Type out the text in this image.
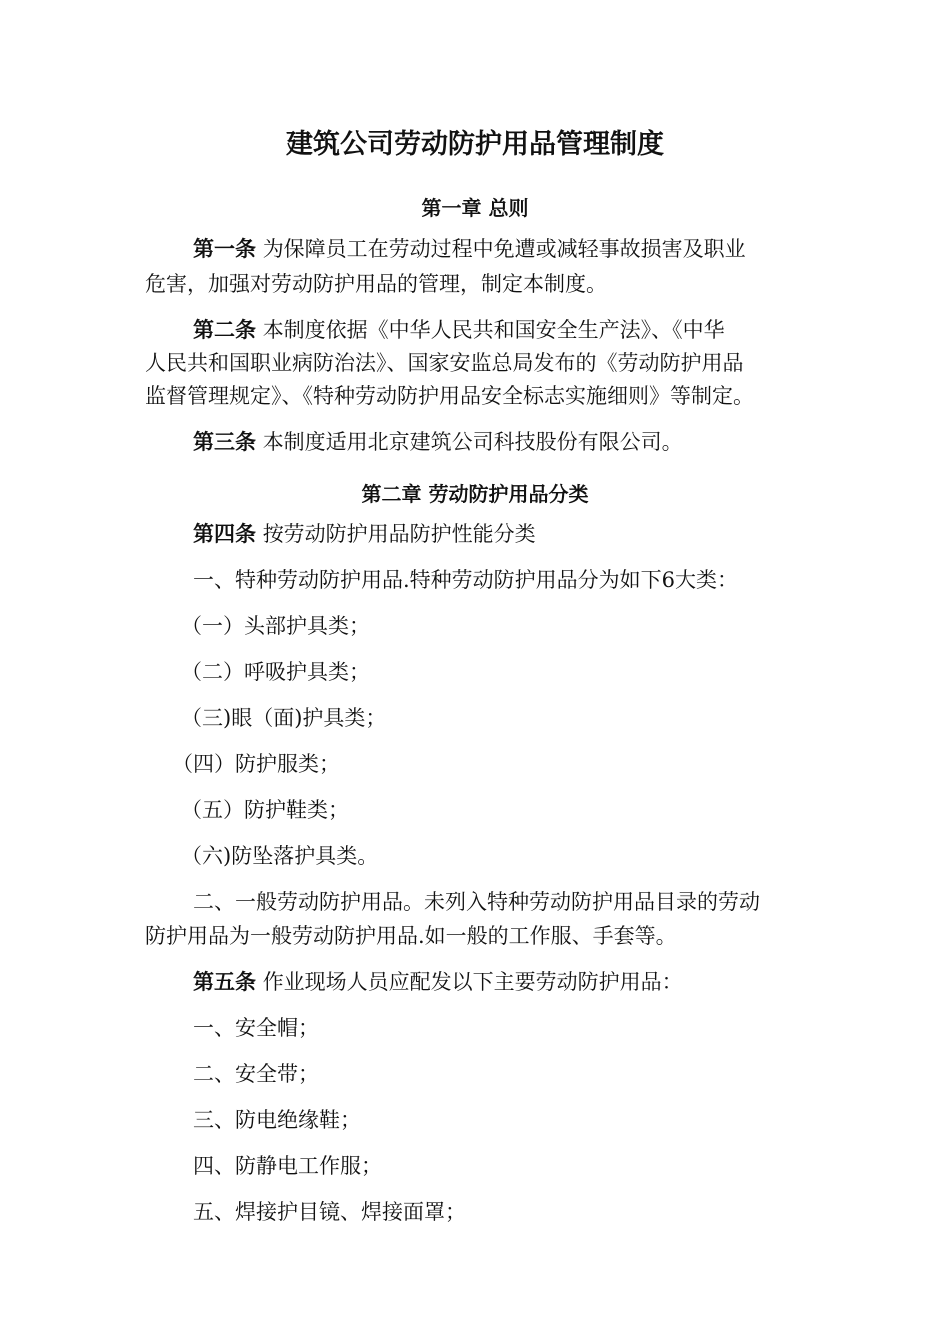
建筑公司劳动防护用品管理制度

第一章 总则

第一条 为保障员工在劳动过程中免遭或减轻事故损害及职业

危害，加强对劳动防护用品的管理，制定本制度。

第二条 本制度依据《中华人民共和国安全生产法》、《中华

人民共和国职业病防治法》、国家安监总局发布的《劳动防护用品

监督管理规定》、《特种劳动防护用品安全标志实施细则》等制定。

第三条 本制度适用北京建筑公司科技股份有限公司。

第二章 劳动防护用品分类

第四条 按劳动防护用品防护性能分类

一、特种劳动防护用品.特种劳动防护用品分为如下6大类：

（一）头部护具类；

（二）呼吸护具类；

（三)眼（面)护具类；

（四）防护服类；

（五）防护鞋类；

（六)防坠落护具类。

二、一般劳动防护用品。未列入特种劳动防护用品目录的劳动

防护用品为一般劳动防护用品.如一般的工作服、手套等。

第五条 作业现场人员应配发以下主要劳动防护用品：

一、安全帽；

二、安全带；

三、防电绝缘鞋；

四、防静电工作服；

五、焊接护目镜、焊接面罩；
